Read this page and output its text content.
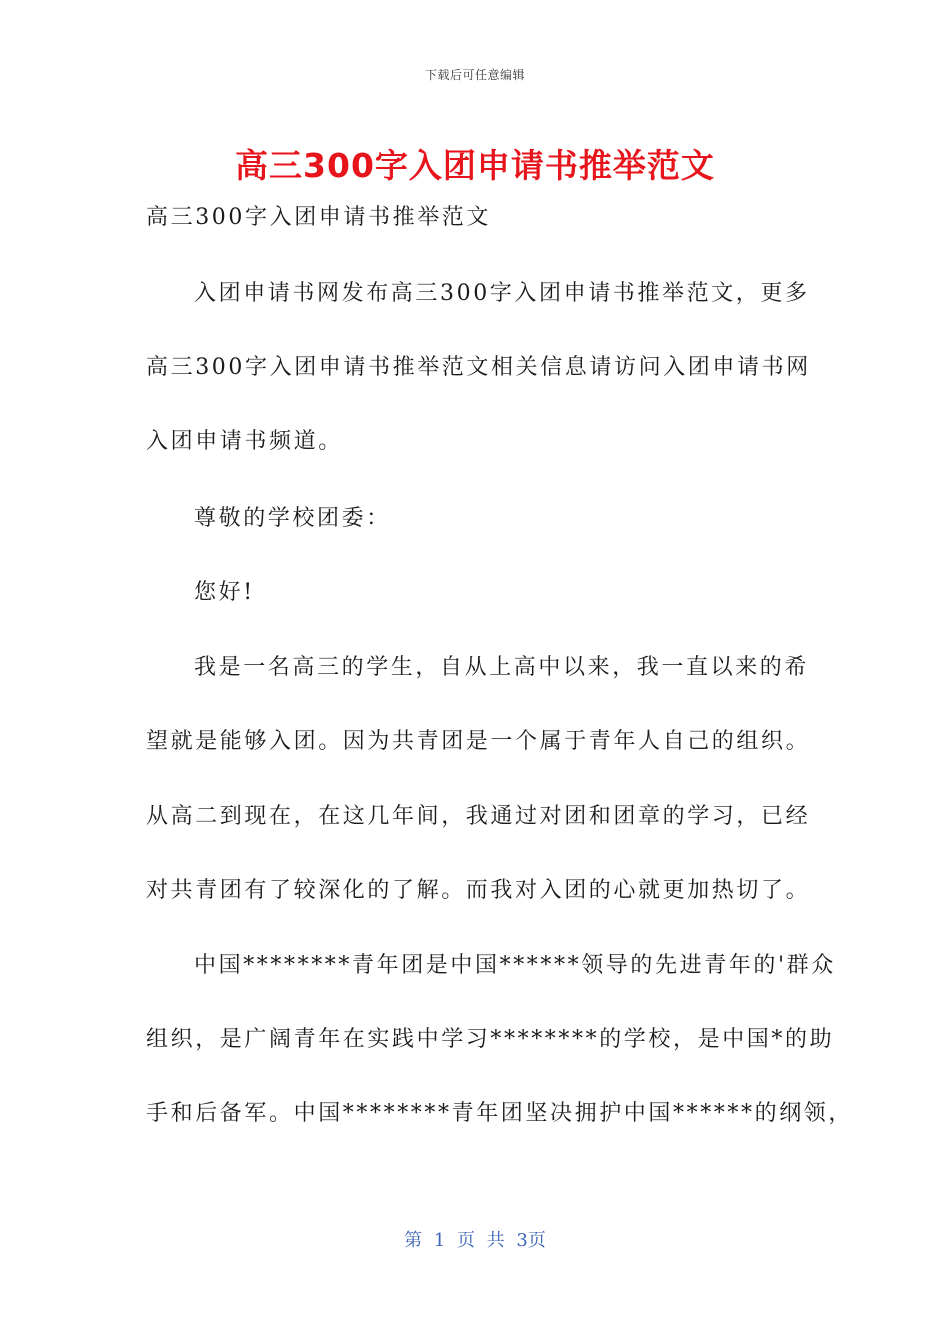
下载后可任意编辑
高三300字入团申请书推举范文
高三300字入团申请书推举范文
入团申请书网发布高三300字入团申请书推举范文，更多
高三300字入团申请书推举范文相关信息请访问入团申请书网
入团申请书频道。
尊敬的学校团委：
您好!
我是一名高三的学生，自从上高中以来，我一直以来的希
望就是能够入团。因为共青团是一个属于青年人自己的组织。
从高二到现在，在这几年间，我通过对团和团章的学习，已经
对共青团有了较深化的了解。而我对入团的心就更加热切了。
中国********青年团是中国******领导的先进青年的'群众
组织，是广阔青年在实践中学习********的学校，是中国*的助
手和后备军。中国********青年团坚决拥护中国******的纲领，
第 1 页 共 3页
